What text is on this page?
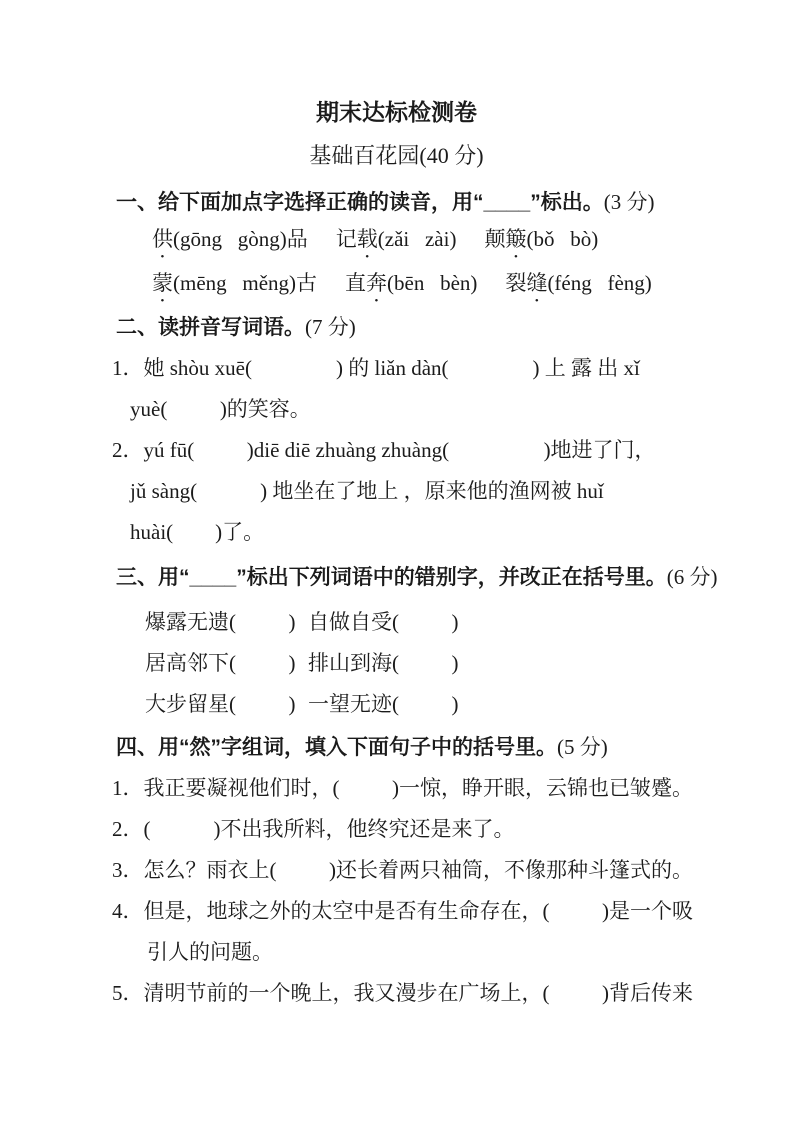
期末达标检测卷
基础百花园(40 分)
一、给下面加点字选择正确的读音，用“____”标出。(3 分)
供(gōng   gòng)品 记载(zǎi   zài) 颠簸(bǒ   bò)
蒙(mēng   měng)古 直奔(bēn   bèn) 裂缝(féng   fèng)
二、读拼音写词语。(7 分)
1．她 shòu xuē(                ) 的 liǎn dàn(                ) 上 露 出 xǐ
yuè(          )的笑容。
2．yú fū(          )diē diē zhuàng zhuàng(                  )地进了门，
jǔ sàng(            ) 地坐在了地上 ，原来他的渔网被 huǐ
huài(        )了。
三、用“____”标出下列词语中的错别字，并改正在括号里。(6 分)
爆露无遗(          ) 自做自受(          )
居高邻下(          ) 排山到海(          )
大步留星(          ) 一望无迹(          )
四、用“然”字组词，填入下面句子中的括号里。(5 分)
1．我正要凝视他们时，(          )一惊，睁开眼，云锦也已皱蹙。
2．(            )不出我所料，他终究还是来了。
3．怎么？雨衣上(          )还长着两只袖筒，不像那种斗篷式的。
4．但是，地球之外的太空中是否有生命存在，(          )是一个吸
引人的问题。
5．清明节前的一个晚上，我又漫步在广场上，(          )背后传来
